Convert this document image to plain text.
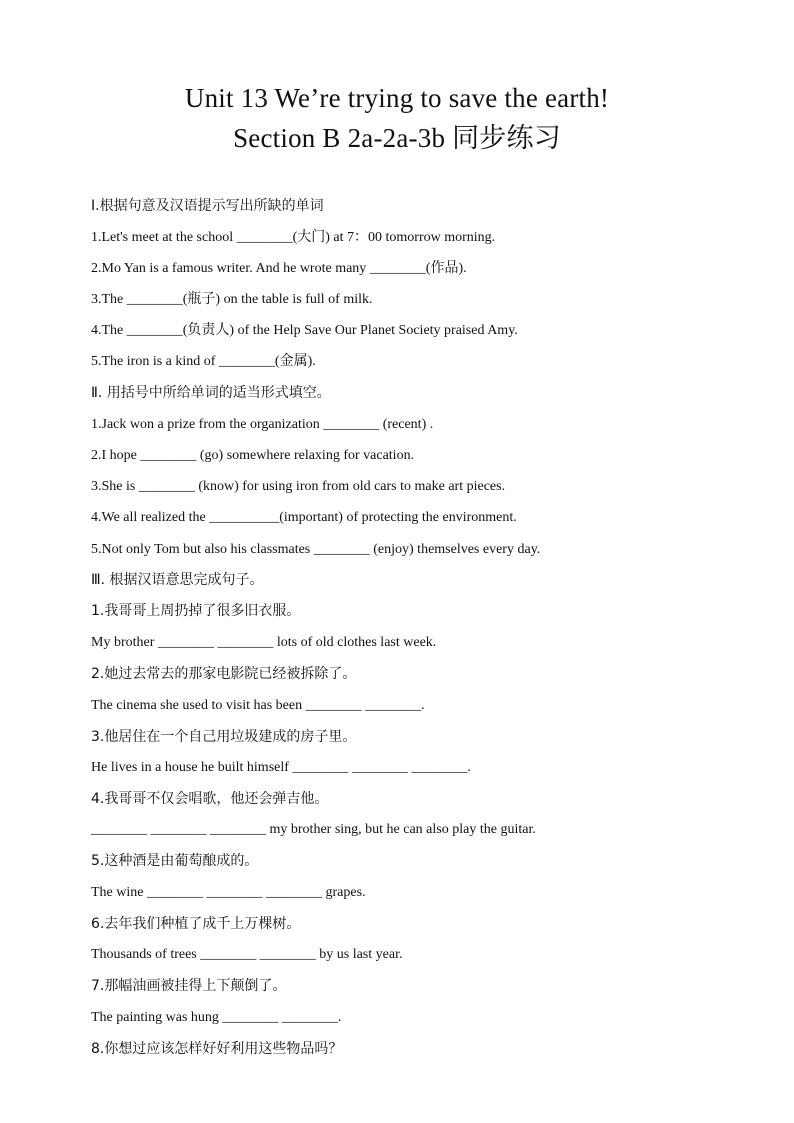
Unit 13 We’re trying to save the earth!
Section B 2a-2a-3b 同步练习
Ⅰ.根据句意及汉语提示写出所缺的单词
1.Let's meet at the school ________(大门) at 7：00 tomorrow morning.
2.Mo Yan is a famous writer. And he wrote many ________(作品).
3.The ________(瓶子) on the table is full of milk.
4.The ________(负责人) of the Help Save Our Planet Society praised Amy.
5.The iron is a kind of ________(金属).
Ⅱ. 用括号中所给单词的适当形式填空。
1.Jack won a prize from the organization ________ (recent) .
2.I hope ________ (go) somewhere relaxing for vacation.
3.She is ________ (know) for using iron from old cars to make art pieces.
4.We all realized the __________(important) of protecting the environment.
5.Not only Tom but also his classmates ________ (enjoy) themselves every day.
Ⅲ. 根据汉语意思完成句子。
1.我哥哥上周扔掉了很多旧衣服。
My brother ________ ________ lots of old clothes last week.
2.她过去常去的那家电影院已经被拆除了。
The cinema she used to visit has been ________ ________.
3.他居住在一个自己用垃圾建成的房子里。
He lives in a house he built himself ________ ________ ________.
4.我哥哥不仅会唱歌，他还会弹吉他。
________ ________ ________ my brother sing, but he can also play the guitar.
5.这种酒是由葡萄酿成的。
The wine ________ ________ ________ grapes.
6.去年我们种植了成千上万棵树。
Thousands of trees ________ ________ by us last year.
7.那幅油画被挂得上下颠倒了。
The painting was hung ________ ________.
8.你想过应该怎样好好利用这些物品吗？
